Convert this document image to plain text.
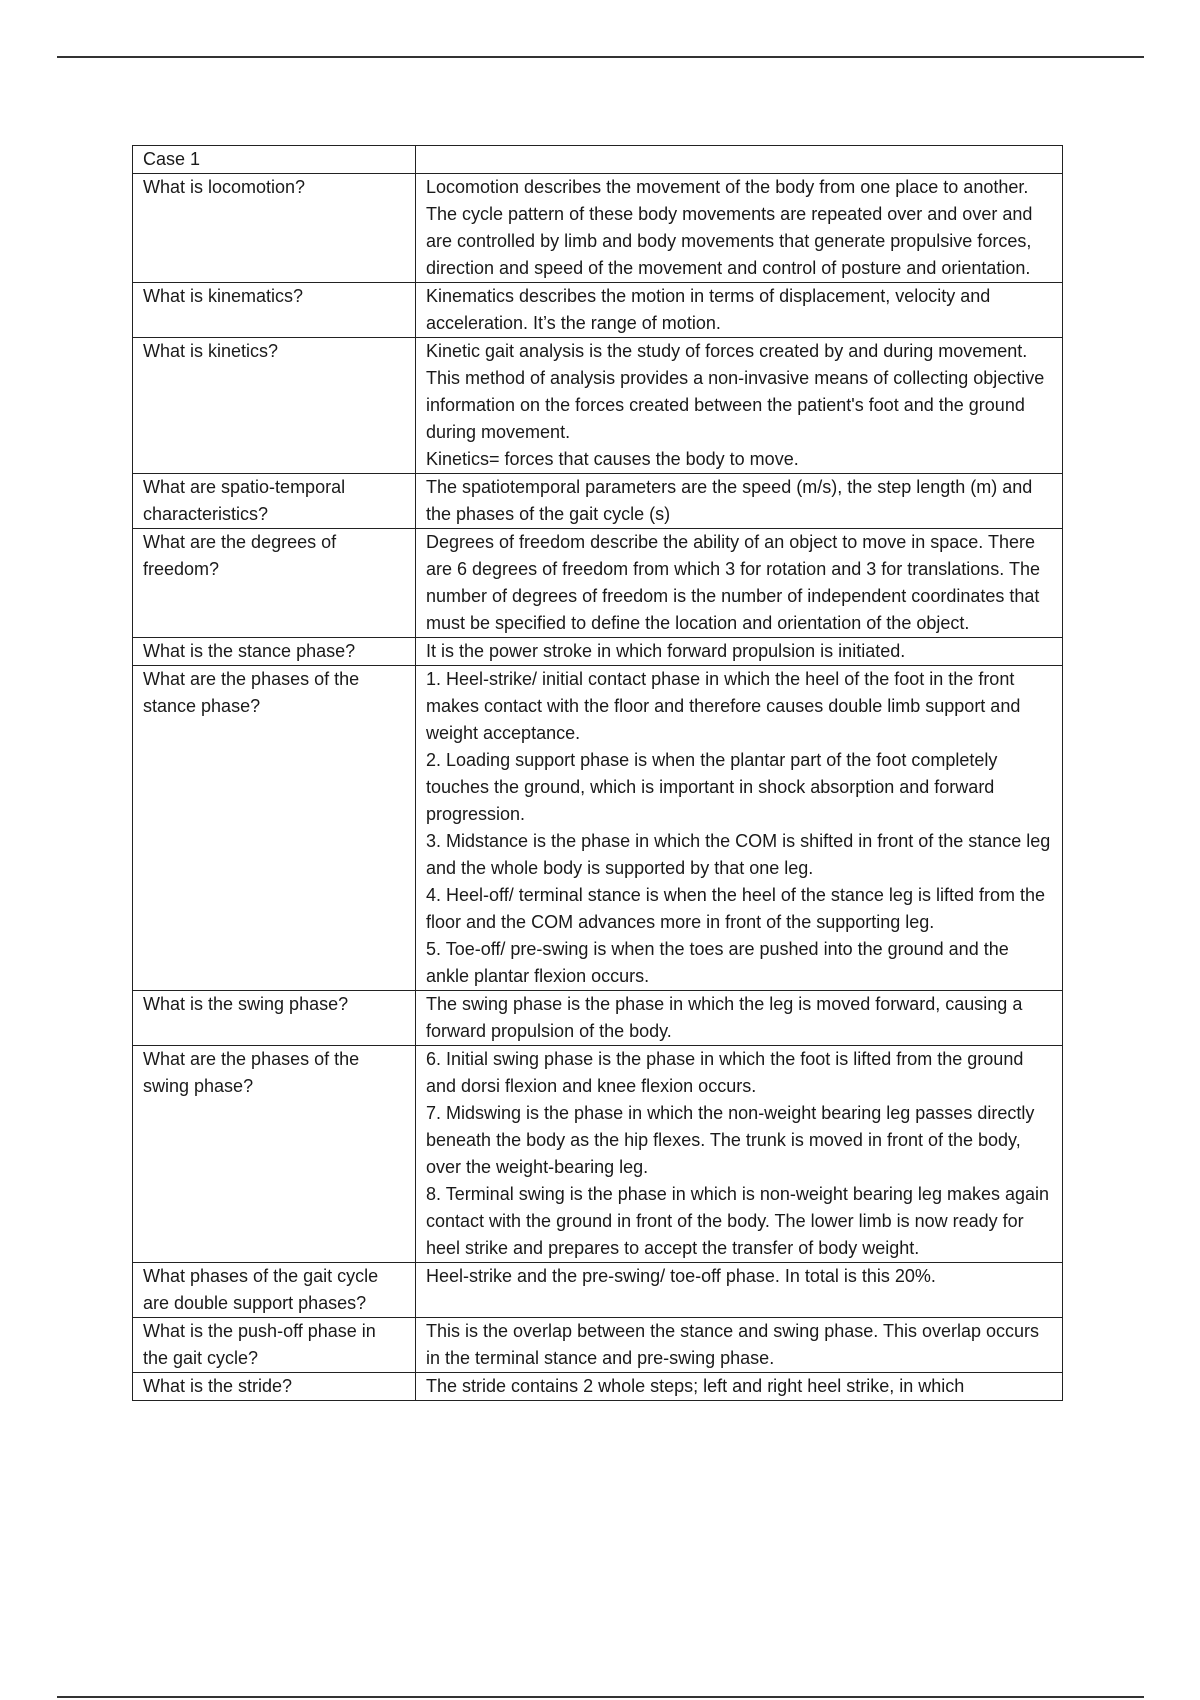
Case 1	

What is locomotion?	Locomotion describes the movement of the body from one place to another. The cycle pattern of these body movements are repeated over and over and are controlled by limb and body movements that generate propulsive forces, direction and speed of the movement and control of posture and orientation.

What is kinematics?	Kinematics describes the motion in terms of displacement, velocity and acceleration. It’s the range of motion.

What is kinetics?	Kinetic gait analysis is the study of forces created by and during movement. This method of analysis provides a non-invasive means of collecting objective information on the forces created between the patient's foot and the ground during movement.
Kinetics= forces that causes the body to move.

What are spatio-temporal characteristics?	The spatiotemporal parameters are the speed (m/s), the step length (m) and the phases of the gait cycle (s)

What are the degrees of freedom?	Degrees of freedom describe the ability of an object to move in space. There are 6 degrees of freedom from which 3 for rotation and 3 for translations. The number of degrees of freedom is the number of independent coordinates that must be specified to define the location and orientation of the object.

What is the stance phase?	It is the power stroke in which forward propulsion is initiated.

What are the phases of the stance phase?	1. Heel-strike/ initial contact phase in which the heel of the foot in the front makes contact with the floor and therefore causes double limb support and weight acceptance.
2. Loading support phase is when the plantar part of the foot completely touches the ground, which is important in shock absorption and forward progression.
3. Midstance is the phase in which the COM is shifted in front of the stance leg and the whole body is supported by that one leg.
4. Heel-off/ terminal stance is when the heel of the stance leg is lifted from the floor and the COM advances more in front of the supporting leg.
5. Toe-off/ pre-swing is when the toes are pushed into the ground and the ankle plantar flexion occurs.

What is the swing phase?	The swing phase is the phase in which the leg is moved forward, causing a forward propulsion of the body.

What are the phases of the swing phase?	6. Initial swing phase is the phase in which the foot is lifted from the ground and dorsi flexion and knee flexion occurs.
7. Midswing is the phase in which the non-weight bearing leg passes directly beneath the body as the hip flexes. The trunk is moved in front of the body, over the weight-bearing leg.
8. Terminal swing is the phase in which is non-weight bearing leg makes again contact with the ground in front of the body. The lower limb is now ready for heel strike and prepares to accept the transfer of body weight.

What phases of the gait cycle are double support phases?	Heel-strike and the pre-swing/ toe-off phase. In total is this 20%.

What is the push-off phase in the gait cycle?	This is the overlap between the stance and swing phase. This overlap occurs in the terminal stance and pre-swing phase.

What is the stride?	The stride contains 2 whole steps; left and right heel strike, in which
